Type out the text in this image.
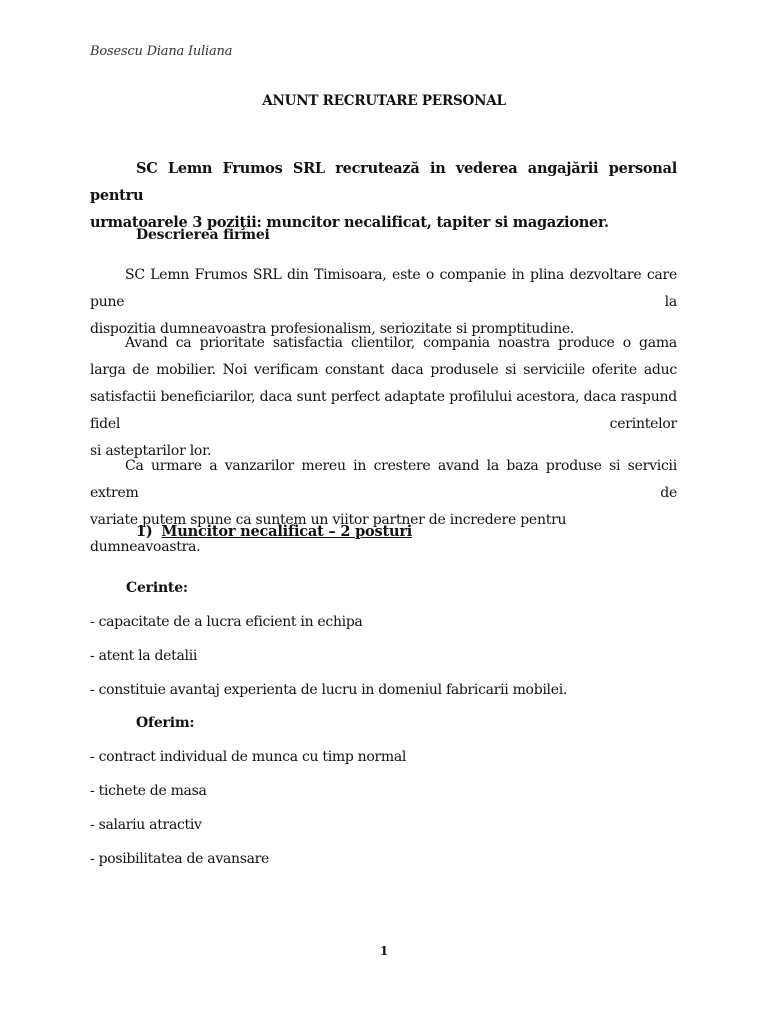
Bosescu Diana Iuliana

ANUNT RECRUTARE PERSONAL

SC Lemn Frumos SRL recrutează in vederea angajării personal pentru
urmatoarele 3 poziţii: muncitor necalificat, tapiter si magazioner.

Descrierea firmei

SC Lemn Frumos SRL din Timisoara, este o companie in plina dezvoltare care pune la
dispozitia dumneavoastra profesionalism, seriozitate si promptitudine.

Avand ca prioritate satisfactia clientilor, compania noastra produce o gama larga de mobilier. Noi verificam constant daca produsele si serviciile oferite aduc satisfactii beneficiarilor, daca sunt perfect adaptate profilului acestora, daca raspund fidel cerintelor
si asteptarilor lor.

Ca urmare a vanzarilor mereu in crestere avand la baza produse si servicii extrem de
variate putem spune ca suntem un viitor partner de incredere pentru dumneavoastra.

1) Muncitor necalificat – 2 posturi

Cerinte:

- capacitate de a lucra eficient in echipa

- atent la detalii

- constituie avantaj experienta de lucru in domeniul fabricarii mobilei.

Oferim:

- contract individual de munca cu timp normal

- tichete de masa

- salariu atractiv

- posibilitatea de avansare

1
